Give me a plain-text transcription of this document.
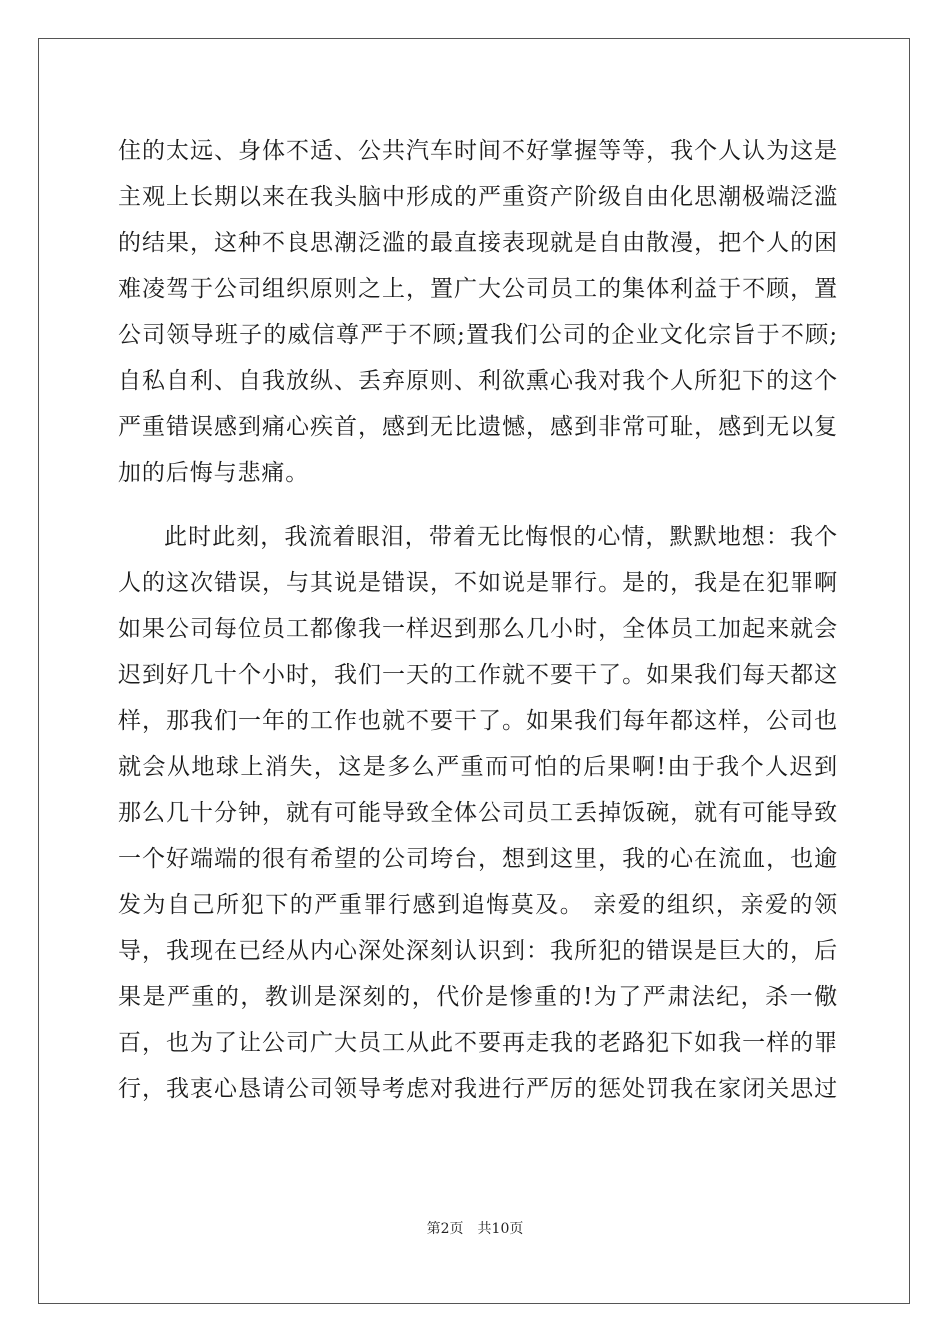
住的太远、身体不适、公共汽车时间不好掌握等等，我个人认为这是
主观上长期以来在我头脑中形成的严重资产阶级自由化思潮极端泛滥
的结果，这种不良思潮泛滥的最直接表现就是自由散漫，把个人的困
难凌驾于公司组织原则之上，置广大公司员工的集体利益于不顾，置
公司领导班子的威信尊严于不顾;置我们公司的企业文化宗旨于不顾;
自私自利、自我放纵、丢弃原则、利欲熏心我对我个人所犯下的这个
严重错误感到痛心疾首，感到无比遗憾，感到非常可耻，感到无以复
加的后悔与悲痛。
此时此刻，我流着眼泪，带着无比悔恨的心情，默默地想：我个
人的这次错误，与其说是错误，不如说是罪行。是的，我是在犯罪啊
如果公司每位员工都像我一样迟到那么几小时，全体员工加起来就会
迟到好几十个小时，我们一天的工作就不要干了。如果我们每天都这
样，那我们一年的工作也就不要干了。如果我们每年都这样，公司也
就会从地球上消失，这是多么严重而可怕的后果啊!由于我个人迟到
那么几十分钟，就有可能导致全体公司员工丢掉饭碗，就有可能导致
一个好端端的很有希望的公司垮台，想到这里，我的心在流血，也逾
发为自己所犯下的严重罪行感到追悔莫及。 亲爱的组织，亲爱的领
导，我现在已经从内心深处深刻认识到：我所犯的错误是巨大的，后
果是严重的，教训是深刻的，代价是惨重的!为了严肃法纪，杀一儆
百，也为了让公司广大员工从此不要再走我的老路犯下如我一样的罪
行，我衷心恳请公司领导考虑对我进行严厉的惩处罚我在家闭关思过
第2页 共10页
